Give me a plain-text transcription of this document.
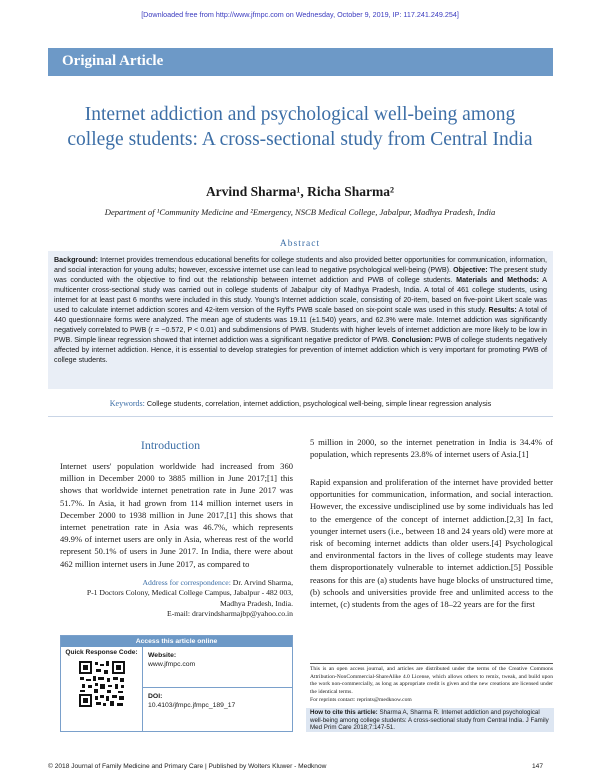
[Downloaded free from http://www.jfmpc.com on Wednesday, October 9, 2019, IP: 117.241.249.254]
Original Article
Internet addiction and psychological well-being among college students: A cross-sectional study from Central India
Arvind Sharma¹, Richa Sharma²
Department of ¹Community Medicine and ²Emergency, NSCB Medical College, Jabalpur, Madhya Pradesh, India
Abstract
Background: Internet provides tremendous educational benefits for college students and also provided better opportunities for communication, information, and social interaction for young adults; however, excessive internet use can lead to negative psychological well-being (PWB). Objective: The present study was conducted with the objective to find out the relationship between internet addiction and PWB of college students. Materials and Methods: A multicenter cross-sectional study was carried out in college students of Jabalpur city of Madhya Pradesh, India. A total of 461 college students, using internet for at least past 6 months were included in this study. Young's Internet addiction scale, consisting of 20-item, based on five-point Likert scale was used to calculate internet addiction scores and 42-item version of the Ryff's PWB scale based on six-point scale was used in this study. Results: A total of 440 questionnaire forms were analyzed. The mean age of students was 19.11 (±1.540) years, and 62.3% were male. Internet addiction was significantly negatively correlated to PWB (r = −0.572, P < 0.01) and subdimensions of PWB. Students with higher levels of internet addiction are more likely to be low in PWB. Simple linear regression showed that internet addiction was a significant negative predictor of PWB. Conclusion: PWB of college students negatively affected by internet addiction. Hence, it is essential to develop strategies for prevention of internet addiction which is very important for promoting PWB of college students.
Keywords: College students, correlation, internet addiction, psychological well-being, simple linear regression analysis
Introduction
Internet users' population worldwide had increased from 360 million in December 2000 to 3885 million in June 2017;[1] this shows that worldwide internet penetration rate in June 2017 was 51.7%. In Asia, it had grown from 114 million internet users in December 2000 to 1938 million in June 2017,[1] this shows that internet penetration rate in Asia was 46.7%, which represents 49.9% of internet users are only in Asia, whereas rest of the world represent 50.1% of users in June 2017. In India, there were about 462 million internet users in June 2017, as compared to
5 million in 2000, so the internet penetration in India is 34.4% of population, which represents 23.8% of internet users of Asia.[1]
Rapid expansion and proliferation of the internet have provided better opportunities for communication, information, and social interaction. However, the excessive undisciplined use by some individuals has led to the emergence of the concept of internet addiction.[2,3] In fact, younger internet users (i.e., between 18 and 24 years old) were more at risk of becoming internet addicts than older users.[4] Psychological and environmental factors in the lives of college students may leave them disproportionately vulnerable to internet addiction.[5] Possible reasons for this are (a) students have huge blocks of unstructured time, (b) schools and universities provide free and unlimited access to the internet, (c) students from the ages of 18–22 years are for the first
Address for correspondence: Dr. Arvind Sharma,
P-1 Doctors Colony, Medical College Campus, Jabalpur - 482 003,
Madhya Pradesh, India.
E-mail: drarvindsharmajbp@yahoo.co.in
Access this article online
Quick Response Code:	Website:
www.jfmpc.com
DOI:
10.4103/jfmpc.jfmpc_189_17
This is an open access journal, and articles are distributed under the terms of the Creative Commons Attribution-NonCommercial-ShareAlike 4.0 License, which allows others to remix, tweak, and build upon the work non-commercially, as long as appropriate credit is given and the new creations are licensed under the identical terms.
For reprints contact: reprints@medknow.com
How to cite this article: Sharma A, Sharma R. Internet addiction and psychological well-being among college students: A cross-sectional study from Central India. J Family Med Prim Care 2018;7:147-51.
© 2018 Journal of Family Medicine and Primary Care | Published by Wolters Kluwer - Medknow	147
